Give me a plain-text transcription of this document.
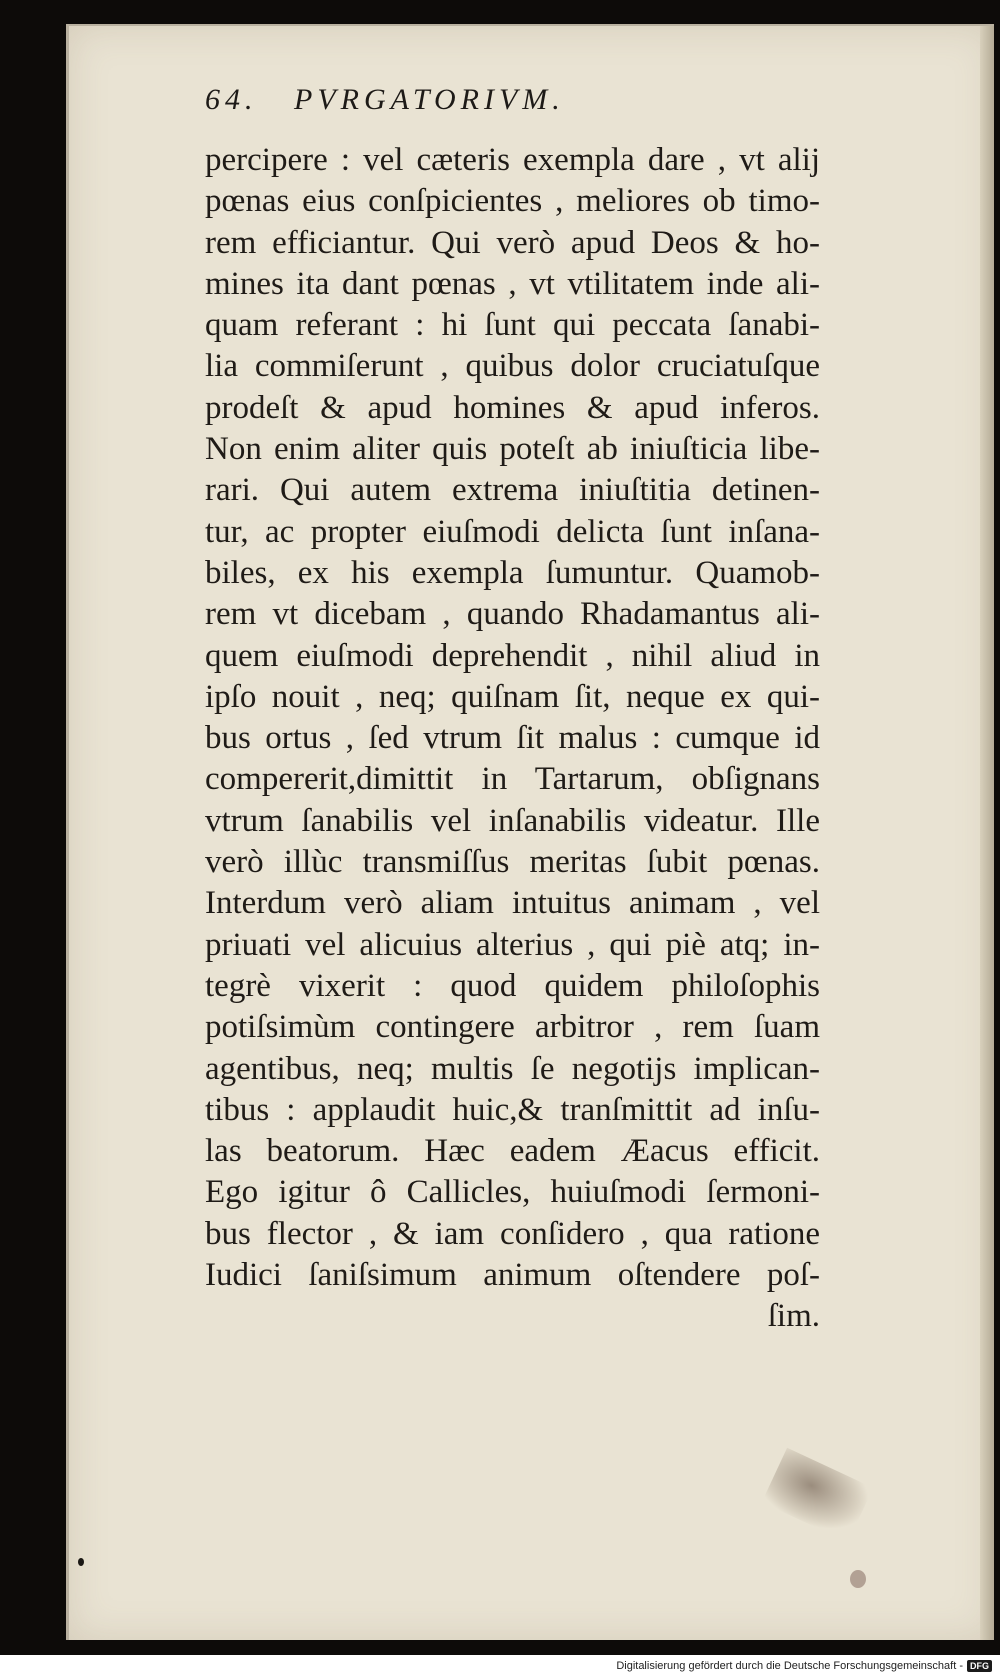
64. PVRGATORIVM.
percipere : vel cæteris exempla dare , vt alij
pœnas eius conſpicientes , meliores ob timo-
rem efficiantur. Qui verò apud Deos & ho-
mines ita dant pœnas , vt vtilitatem inde ali-
quam referant : hi ſunt qui peccata ſanabi-
lia commiſerunt , quibus dolor cruciatuſque
prodeſt & apud homines & apud inferos.
Non enim aliter quis poteſt ab iniuſticia libe-
rari. Qui autem extrema iniuſtitia detinen-
tur, ac propter eiuſmodi delicta ſunt inſana-
biles, ex his exempla ſumuntur. Quamob-
rem vt dicebam , quando Rhadamantus ali-
quem eiuſmodi deprehendit , nihil aliud in
ipſo nouit , neq; quiſnam ſit, neque ex qui-
bus ortus , ſed vtrum ſit malus : cumque id
compererit,dimittit in Tartarum, obſignans
vtrum ſanabilis vel inſanabilis videatur. Ille
verò illùc transmiſſus meritas ſubit pœnas.
Interdum verò aliam intuitus animam , vel
priuati vel alicuius alterius , qui piè atq; in-
tegrè vixerit : quod quidem philoſophis
potiſsimùm contingere arbitror , rem ſuam
agentibus, neq; multis ſe negotijs implican-
tibus : applaudit huic,& tranſmittit ad inſu-
las beatorum. Hæc eadem Æacus efficit.
Ego igitur ô Callicles, huiuſmodi ſermoni-
bus flector , & iam conſidero , qua ratione
Iudici ſaniſsimum animum oſtendere poſ-
ſim.
Digitalisierung gefördert durch die Deutsche Forschungsgemeinschaft - DFG
